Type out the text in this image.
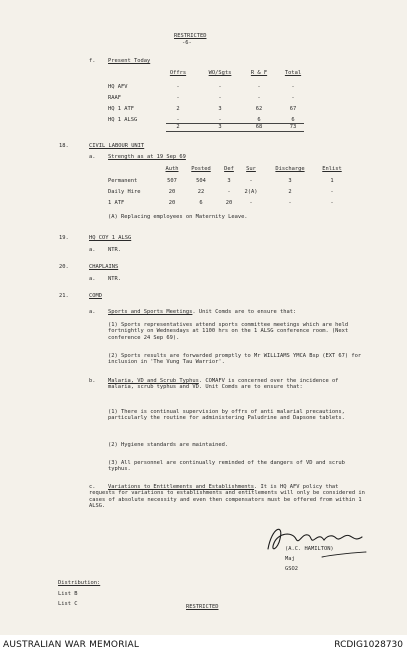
RESTRICTED
-6-
f. Present Today
Offrs	WO/Sgts	R & F	Total
HQ AFV	-	-	-	-
RAAF	-	-	-	-
HQ 1 ATF	2	3	62	67
HQ 1 ALSG	-	-	6	6
2	3	68	73
18.	CIVIL LABOUR UNIT
a. Strength as at 19 Sep 69
Auth	Posted	Def	Sur	Discharge	Enlist
Permanent	507	504	3	-	3	1
Daily Hire	20	22	-	2(A)	2	-
1 ATF	20	6	20	-	-	-
(A) Replacing employees on Maternity Leave.
19.	HQ COY 1 ALSG
a. NTR.
20.	CHAPLAINS
a. NTR.
21.	COMD
a. Sports and Sports Meetings. Unit Comds are to ensure that:
(1) Sports representatives attend sports committee meetings which are held fortnightly on Wednesdays at 1100 hrs on the 1 ALSG conference room. (Next conference 24 Sep 69).
(2) Sports results are forwarded promptly to Mr WILLIAMS YMCA Bsp (EXT 67) for inclusion in 'The Vung Tau Warrior'.
b. Malaria, VD and Scrub Typhus. COMAFV is concerned over the incidence of malaria, scrub typhus and VD. Unit Comds are to ensure that:
(1) There is continual supervision by offrs of anti malarial precautions, particularly the routine for administering Paludrine and Dapsone tablets.
(2) Hygiene standards are maintained.
(3) All personnel are continually reminded of the dangers of VD and scrub typhus.
c.	Variations to Entitlements and Establishments. It is HQ AFV policy that requests for variations to establishments and entitlements will only be considered in cases of absolute necessity and even then compensators must be offered from within 1 ALSG.
Dameron
(A.C. HAMILTON)
Maj
GSO2
Distribution:
List B
List C	RESTRICTED
AUSTRALIAN WAR MEMORIAL	RCDIG1028730
